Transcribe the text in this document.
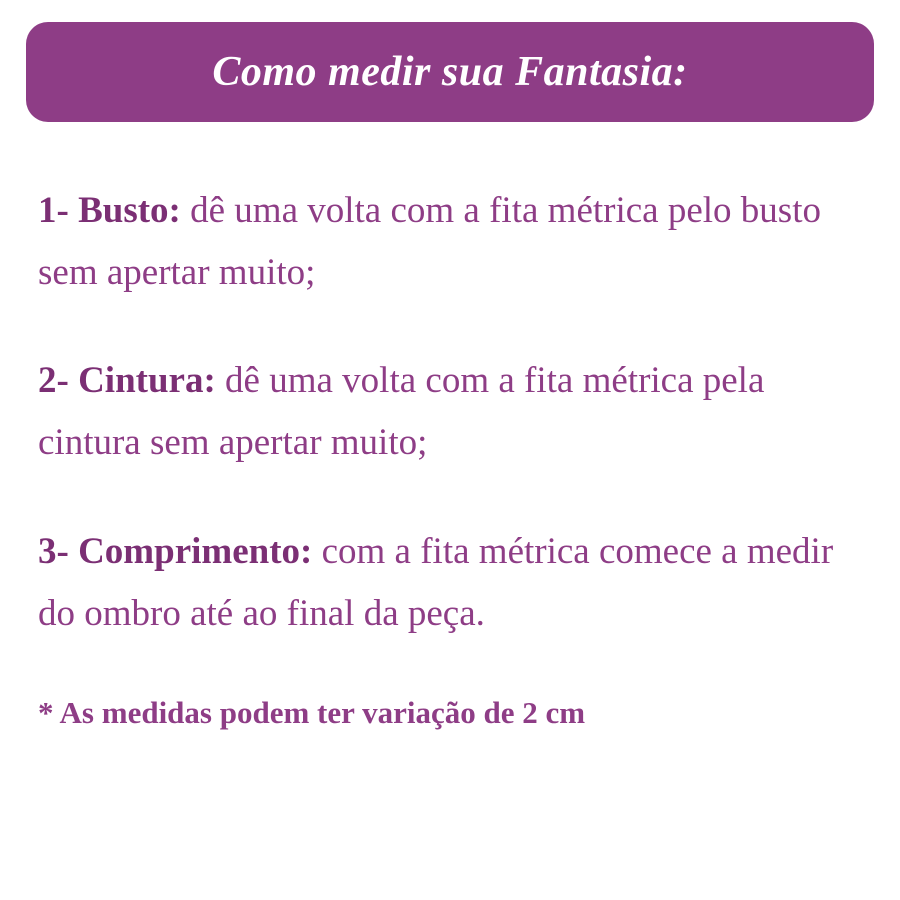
Como medir sua Fantasia:

1- Busto: dê uma volta com a fita métrica pelo busto sem apertar muito;

2- Cintura: dê uma volta com a fita métrica pela cintura sem apertar muito;

3- Comprimento: com a fita métrica comece a medir do ombro até ao final da peça.

* As medidas podem ter variação de 2 cm
